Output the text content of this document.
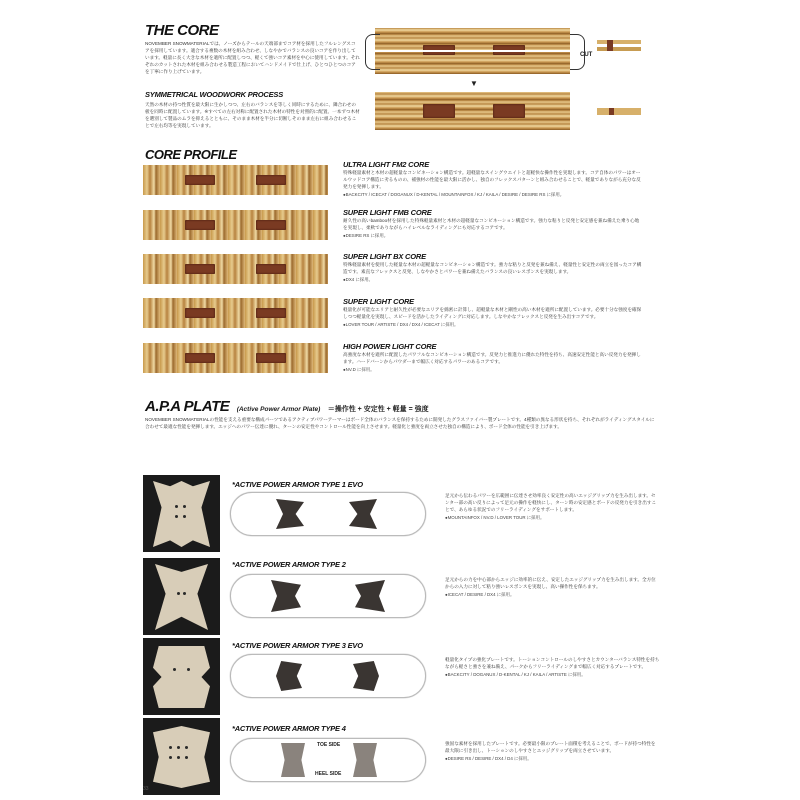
THE CORE
NOVEMBER SNOWMATERIALでは、ノーズからテールの天端部までコア材を採用したフルレングスコアを採用しています。適合する複数の木材を組み合わせ、しなやかでバランスの良いコアを作り出しています。軽量に長く大きな木材を適所に配置しつつ、軽くて強いコア素材を中心に使用しています。それぞれのカットされた木材を組み合わせる製造工程においてハンドメイドで仕上げ、ひとつひとつのコアを丁寧に作り上げています。
CUT
▼
SYMMETRICAL WOODWORK PROCESS
天然の木材の持つ性質を最大限に生かしつつ、左右のバランスを等しく同時にするために、隣合わせの板を同時に配置しています。※すべての左右対称に配置された木材の特性を対照的に配置、一本ずつ木材を選別して製品のムラを抑えるとともに、そのまま木材を半分に切断しそのまま左右に組み合わせることで左右均等を実現しています。
CORE PROFILE
ULTRA LIGHT FM2 CORE
特殊軽量素材と木材の超軽量なコンビネーション構造です。超軽量なスイングウエイトと超軽快な操作性を実現します。コア自体のパワーはオールウッドコア構造に劣るものの、補強材の性能を最大限に活かし、独自のフレックスパターンと組み合わせることで、軽量でありながら充分な反発力を発揮します。
●BACKCITY / ICECAT / DOGANUX / D-KENTAL / MOUNTAINFOX / KJ / KAILA / DESIRE / DESIRE RS に採用。
SUPER LIGHT FMB CORE
耐久性の高いbamboo材を採用した特殊軽量素材と木材の超軽量なコンビネーション構造です。強力な粘りと反発と安定感を兼ね備えた乗り心地を実現し、柔軟でありながらハイレベルなライディングにも対応するコアです。
●DESIRE RS に採用。
SUPER LIGHT BX CORE
特殊軽量素材を使用した軽量な木材の超軽量なコンビネーション構造です。強力な粘りと反発を兼ね備え、軽量性と安定性の両立を図ったコア構造です。素直なフレックスと反発、しなやかさとパワーを兼ね備えたバランスの良いレスポンスを実現します。
●DX4 に採用。
SUPER LIGHT CORE
軽量化が可能なエリアと耐久性が必要なエリアを綿密に計算し、超軽量な木材と剛性の高い木材を適所に配置しています。必要十分な強度を確保しつつ軽量化を実現し、スピードを活かしたライディングに対応します。しなやかなフレックスと反発を生み出すコアです。
●LOVER TOUR / ARTISTE / DX4 / DX4 / ICECAT に採用。
HIGH POWER LIGHT CORE
高強度な木材を適所に配置したパワフルなコンビネーション構造です。反発力と推進力に優れた特性を持ち、高速安定性能と高い反発力を発揮します。ハードバーンからパウダーまで幅広く対応するパワーのあるコアです。
●NV.D に採用。
A.P.A PLATE (Active Power Armor Plate) ＝操作性 + 安定性 + 軽量 = 強度
NOVEMBER SNOWMATERIALの性能を支える重要な構成パーツであるアクティブパワーアーマーはボード全体のバランスを保持するために開発したグラスファイバー製プレートです。4種類の異なる形状を持ち、それぞれがライディングスタイルに合わせて最適な性能を発揮します。エッジへのパワー伝達に優れ、ターンの安定性やコントロール性能を向上させます。軽量化と強度を両立させた独自の構造により、ボード全体の性能を引き上げます。
*ACTIVE POWER ARMOR TYPE 1 EVO
足元から伝わるパワーを広範囲に伝達させ効率良く安定性の高いエッジグリップ力を生み出します。センター部の高い反りによって足元の操作を軽快にし、ターン時の安定感とボードの反発力を引き出すことで、あらゆる状況でのフリーライディングをサポートします。
●MOUNTAINFOX / NV.D / LOVER TOUR に採用。
*ACTIVE POWER ARMOR TYPE 2
足元からの力を中心部からエッジに効率的に伝え、安定したエッジグリップ力を生み出します。全方位からの入力に対して粘り強いレスポンスを実現し、高い操作性を保ちます。
●ICECAT / DESIRE / DX4 に採用。
*ACTIVE POWER ARMOR TYPE 3 EVO
軽量化タイプの強化プレートです。トーションコントロールのしやすさとカウンターバランス特性を持ちながら軽さと強さを兼ね備え、パークからフリーライディングまで幅広く対応するプレートです。
●BACKCITY / DOGANUX / D-KENTAL / KJ / KAILA / ARTISTE に採用。
*ACTIVE POWER ARMOR TYPE 4
TOE SIDE
HEEL SIDE
強固な素材を採用したプレートです。必要最小限のプレート面積を考えることで、ボードが持つ特性を最大限に引き出し、トーションのしやすさとエッジグリップを両立させています。
●DESIRE RS / DESIRE / DX4 / D4 に採用。
33
